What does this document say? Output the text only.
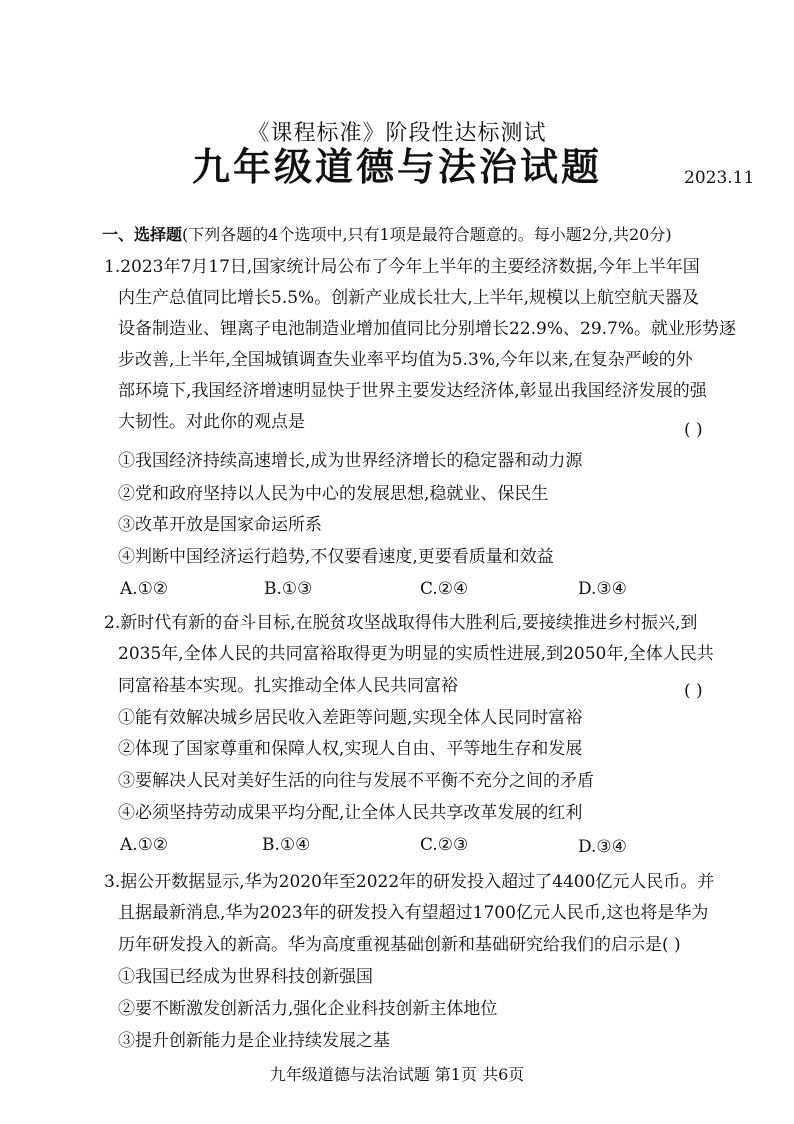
《课程标准》阶段性达标测试
九年级道德与法治试题	2023.11
一、选择题(下列各题的4个选项中,只有1项是最符合题意的。每小题2分,共20分)
1.2023年7月17日,国家统计局公布了今年上半年的主要经济数据,今年上半年国
内生产总值同比增长5.5%。创新产业成长壮大,上半年,规模以上航空航天器及
设备制造业、锂离子电池制造业增加值同比分别增长22.9%、29.7%。就业形势逐
步改善,上半年,全国城镇调查失业率平均值为5.3%,今年以来,在复杂严峻的外
部环境下,我国经济增速明显快于世界主要发达经济体,彰显出我国经济发展的强
大韧性。对此你的观点是	( )
①我国经济持续高速增长,成为世界经济增长的稳定器和动力源
②党和政府坚持以人民为中心的发展思想,稳就业、保民生
③改革开放是国家命运所系
④判断中国经济运行趋势,不仅要看速度,更要看质量和效益
A.①②	B.①③	C.②④	D.③④
2.新时代有新的奋斗目标,在脱贫攻坚战取得伟大胜利后,要接续推进乡村振兴,到
2035年,全体人民的共同富裕取得更为明显的实质性进展,到2050年,全体人民共
同富裕基本实现。扎实推动全体人民共同富裕	( )
①能有效解决城乡居民收入差距等问题,实现全体人民同时富裕
②体现了国家尊重和保障人权,实现人自由、平等地生存和发展
③要解决人民对美好生活的向往与发展不平衡不充分之间的矛盾
④必须坚持劳动成果平均分配,让全体人民共享改革发展的红利
A.①②	B.①④	C.②③	D.③④
3.据公开数据显示,华为2020年至2022年的研发投入超过了4400亿元人民币。并
且据最新消息,华为2023年的研发投入有望超过1700亿元人民币,这也将是华为
历年研发投入的新高。华为高度重视基础创新和基础研究给我们的启示是( )
①我国已经成为世界科技创新强国
②要不断激发创新活力,强化企业科技创新主体地位
③提升创新能力是企业持续发展之基
九年级道德与法治试题 第1页 共6页
